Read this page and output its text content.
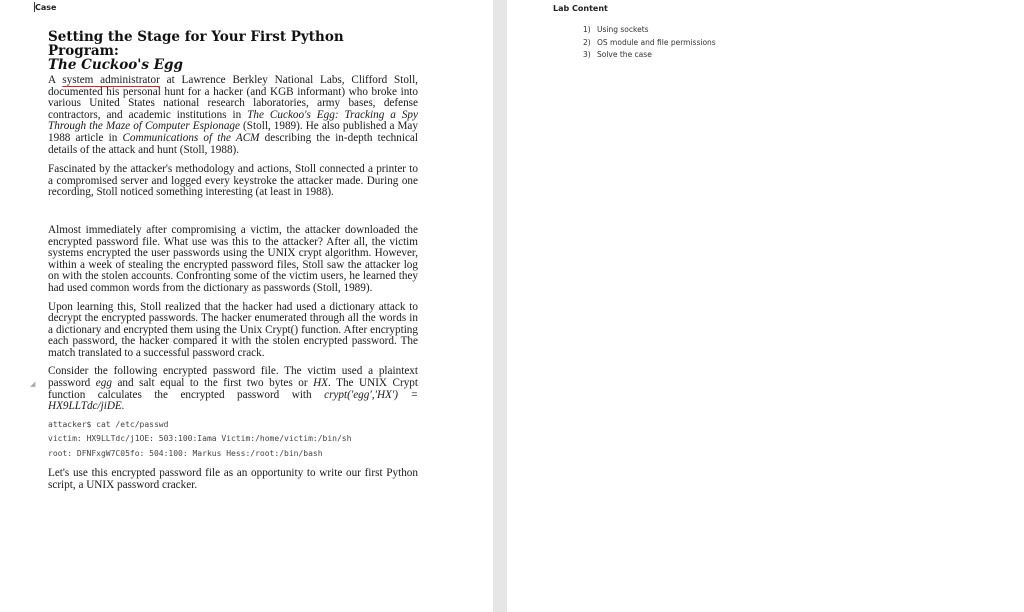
Case
Setting the Stage for Your First Python Program:
The Cuckoo's Egg

A system administrator at Lawrence Berkley National Labs, Clifford Stoll, documented his personal hunt for a hacker (and KGB informant) who broke into various United States national research laboratories, army bases, defense contractors, and academic institutions in The Cuckoo's Egg: Tracking a Spy Through the Maze of Computer Espionage (Stoll, 1989). He also published a May 1988 article in Communications of the ACM describing the in-depth technical details of the attack and hunt (Stoll, 1988).

Fascinated by the attacker's methodology and actions, Stoll connected a printer to a compromised server and logged every keystroke the attacker made. During one recording, Stoll noticed something interesting (at least in 1988).

Almost immediately after compromising a victim, the attacker downloaded the encrypted password file. What use was this to the attacker? After all, the victim systems encrypted the user passwords using the UNIX crypt algorithm. However, within a week of stealing the encrypted password files, Stoll saw the attacker log on with the stolen accounts. Confronting some of the victim users, he learned they had used common words from the dictionary as passwords (Stoll, 1989).

Upon learning this, Stoll realized that the hacker had used a dictionary attack to decrypt the encrypted passwords. The hacker enumerated through all the words in a dictionary and encrypted them using the Unix Crypt() function. After encrypting each password, the hacker compared it with the stolen encrypted password. The match translated to a successful password crack.

Consider the following encrypted password file. The victim used a plaintext password egg and salt equal to the first two bytes or HX. The UNIX Crypt function calculates the encrypted password with crypt('egg','HX') = HX9LLTdc/jiDE.

attacker$ cat /etc/passwd
victim: HX9LLTdc/j1OE: 503:100:Iama Victim:/home/victim:/bin/sh
root: DFNFxgW7C05fo: 504:100: Markus Hess:/root:/bin/bash

Let's use this encrypted password file as an opportunity to write our first Python script, a UNIX password cracker.

◢
Lab Content
1) Using sockets
2) OS module and file permissions
3) Solve the case
